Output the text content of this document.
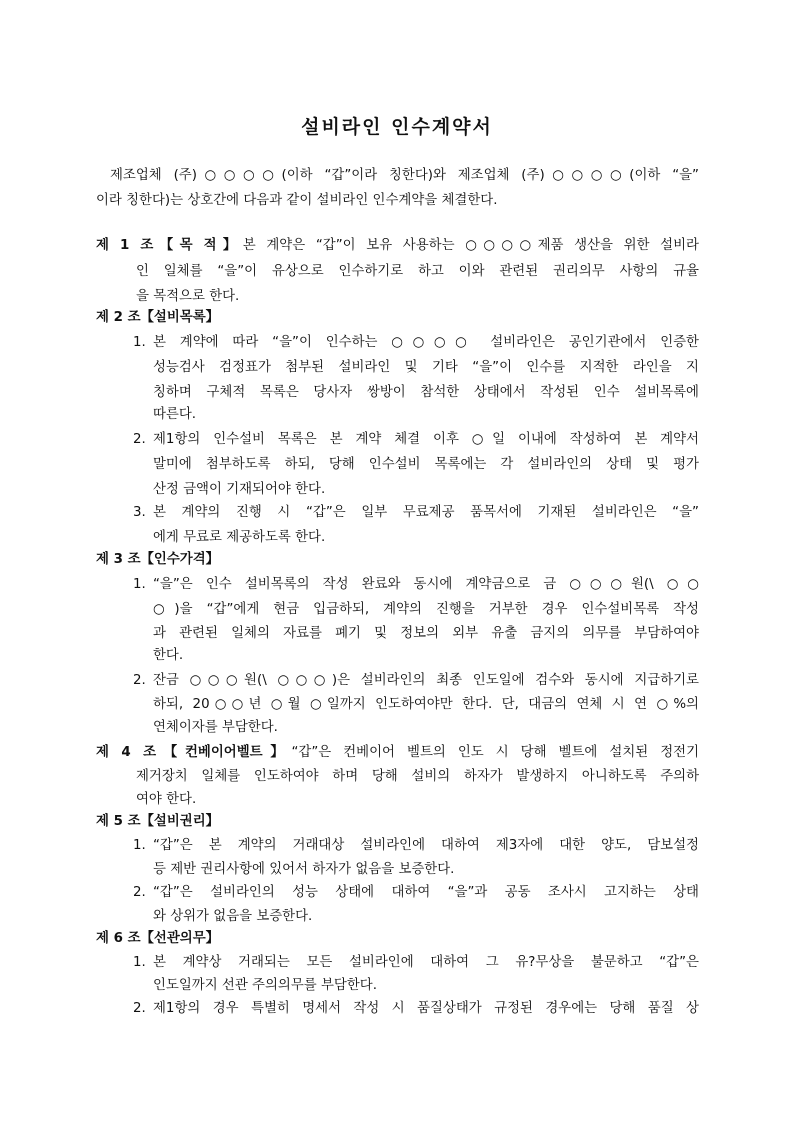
설비라인 인수계약서
제조업체 (주)○○○○(이하 “갑”이라 칭한다)와 제조업체 (주)○○○○(이하 “을”
이라 칭한다)는 상호간에 다음과 같이 설비라인 인수계약을 체결한다.
제 1 조【목 적】본 계약은 “갑”이 보유 사용하는 ○○○○제품 생산을 위한 설비라
인 일체를 “을”이 유상으로 인수하기로 하고 이와 관련된 권리의무 사항의 규율
을 목적으로 한다.
제 2 조【설비목록】
1. 본 계약에 따라 “을”이 인수하는 ○○○○ 설비라인은 공인기관에서 인증한
성능검사 검정표가 첨부된 설비라인 및 기타 “을”이 인수를 지적한 라인을 지
칭하며 구체적 목록은 당사자 쌍방이 참석한 상태에서 작성된 인수 설비목록에
따른다.
2. 제1항의 인수설비 목록은 본 계약 체결 이후 ○일 이내에 작성하여 본 계약서
말미에 첨부하도록 하되, 당해 인수설비 목록에는 각 설비라인의 상태 및 평가
산정 금액이 기재되어야 한다.
3. 본 계약의 진행 시 “갑”은 일부 무료제공 품목서에 기재된 설비라인은 “을”
에게 무료로 제공하도록 한다.
제 3 조【인수가격】
1. “을”은 인수 설비목록의 작성 완료와 동시에 계약금으로 금 ○○○원(\ ○○
○)을 “갑”에게 현금 입금하되, 계약의 진행을 거부한 경우 인수설비목록 작성
과 관련된 일체의 자료를 폐기 및 정보의 외부 유출 금지의 의무를 부담하여야
한다.
2. 잔금 ○○○원(\ ○○○)은 설비라인의 최종 인도일에 검수와 동시에 지급하기로
하되, 20○○년 ○월 ○일까지 인도하여야만 한다. 단, 대금의 연체 시 연 ○%의
연체이자를 부담한다.
제 4 조【컨베이어벨트】“갑”은 컨베이어 벨트의 인도 시 당해 벨트에 설치된 정전기
제거장치 일체를 인도하여야 하며 당해 설비의 하자가 발생하지 아니하도록 주의하
여야 한다.
제 5 조【설비권리】
1. “갑”은 본 계약의 거래대상 설비라인에 대하여 제3자에 대한 양도, 담보설정
등 제반 권리사항에 있어서 하자가 없음을 보증한다.
2. “갑”은 설비라인의 성능 상태에 대하여 “을”과 공동 조사시 고지하는 상태
와 상위가 없음을 보증한다.
제 6 조【선관의무】
1. 본 계약상 거래되는 모든 설비라인에 대하여 그 유?무상을 불문하고 “갑”은
인도일까지 선관 주의의무를 부담한다.
2. 제1항의 경우 특별히 명세서 작성 시 품질상태가 규정된 경우에는 당해 품질 상
